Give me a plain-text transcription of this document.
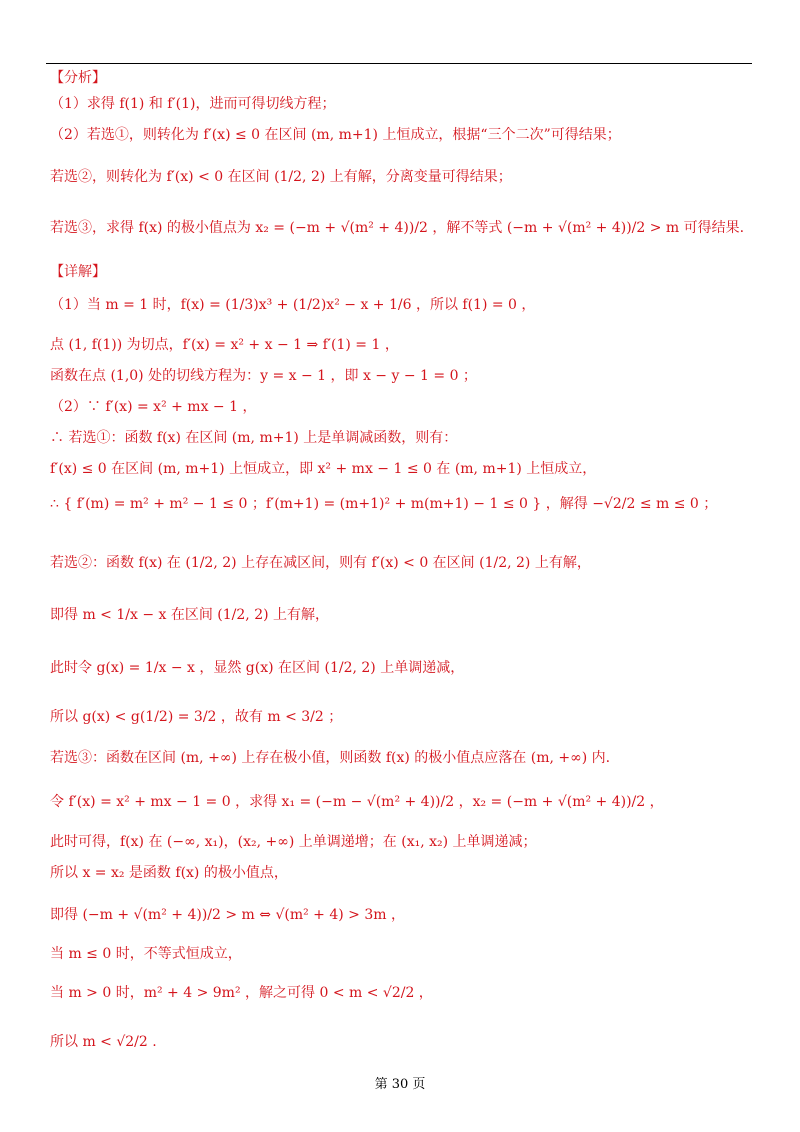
【分析】
（1）求得 f(1) 和 f′(1)，进而可得切线方程；
（2）若选①，则转化为 f′(x) ≤ 0 在区间 (m, m+1) 上恒成立，根据“三个二次”可得结果；
若选②，则转化为 f′(x) < 0 在区间 (1/2, 2) 上有解，分离变量可得结果；
若选③，求得 f(x) 的极小值点为 x₂ = (−m + √(m² + 4))/2 ，解不等式 (−m + √(m² + 4))/2 > m 可得结果.
【详解】
（1）当 m = 1 时，f(x) = (1/3)x³ + (1/2)x² − x + 1/6 ，所以 f(1) = 0 ，
点 (1, f(1)) 为切点，f′(x) = x² + x − 1 ⇒ f′(1) = 1 ，
函数在点 (1,0) 处的切线方程为：y = x − 1 ，即 x − y − 1 = 0 ；
（2）∵ f′(x) = x² + mx − 1 ，
∴ 若选①：函数 f(x) 在区间 (m, m+1) 上是单调减函数，则有：
f′(x) ≤ 0 在区间 (m, m+1) 上恒成立，即 x² + mx − 1 ≤ 0 在 (m, m+1) 上恒成立，
∴ { f′(m) = m² + m² − 1 ≤ 0 ；f′(m+1) = (m+1)² + m(m+1) − 1 ≤ 0 } ，解得 −√2/2 ≤ m ≤ 0 ；
若选②：函数 f(x) 在 (1/2, 2) 上存在减区间，则有 f′(x) < 0 在区间 (1/2, 2) 上有解，
即得 m < 1/x − x 在区间 (1/2, 2) 上有解，
此时令 g(x) = 1/x − x ，显然 g(x) 在区间 (1/2, 2) 上单调递减，
所以 g(x) < g(1/2) = 3/2 ，故有 m < 3/2 ；
若选③：函数在区间 (m, +∞) 上存在极小值，则函数 f(x) 的极小值点应落在 (m, +∞) 内.
令 f′(x) = x² + mx − 1 = 0 ，求得 x₁ = (−m − √(m² + 4))/2 ，x₂ = (−m + √(m² + 4))/2 ，
此时可得，f(x) 在 (−∞, x₁)，(x₂, +∞) 上单调递增；在 (x₁, x₂) 上单调递减；
所以 x = x₂ 是函数 f(x) 的极小值点，
即得 (−m + √(m² + 4))/2 > m ⇔ √(m² + 4) > 3m ，
当 m ≤ 0 时，不等式恒成立，
当 m > 0 时，m² + 4 > 9m² ，解之可得 0 < m < √2/2 ，
所以 m < √2/2 .
第 30 页
